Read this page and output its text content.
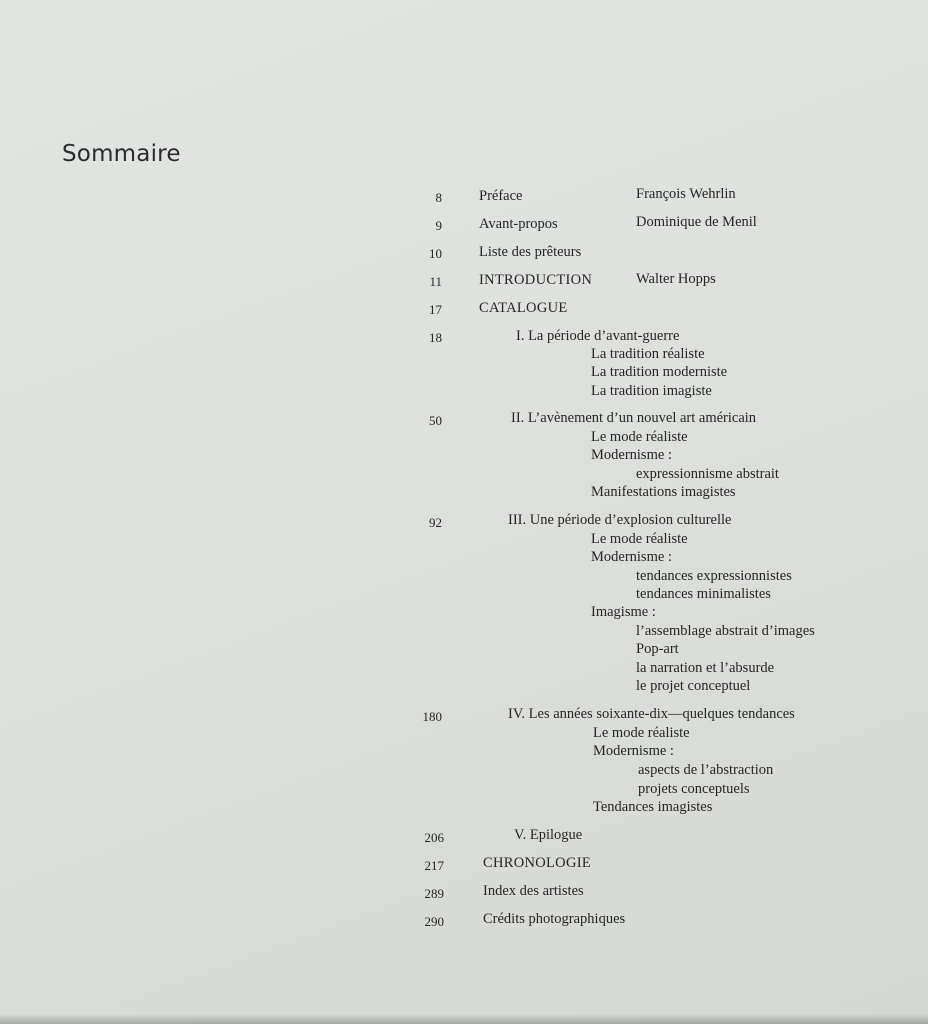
Sommaire
8	Préface	François Wehrlin
9	Avant-propos	Dominique de Menil
10	Liste des prêteurs
11	INTRODUCTION	Walter Hopps
17	CATALOGUE
18	I. La période d’avant-guerre
La tradition réaliste
La tradition moderniste
La tradition imagiste
50	II. L’avènement d’un nouvel art américain
Le mode réaliste
Modernisme :
expressionnisme abstrait
Manifestations imagistes
92	III. Une période d’explosion culturelle
Le mode réaliste
Modernisme :
tendances expressionnistes
tendances minimalistes
Imagisme :
l’assemblage abstrait d’images
Pop-art
la narration et l’absurde
le projet conceptuel
180	IV. Les années soixante-dix—quelques tendances
Le mode réaliste
Modernisme :
aspects de l’abstraction
projets conceptuels
Tendances imagistes
206	V. Epilogue
217	CHRONOLOGIE
289	Index des artistes
290	Crédits photographiques
